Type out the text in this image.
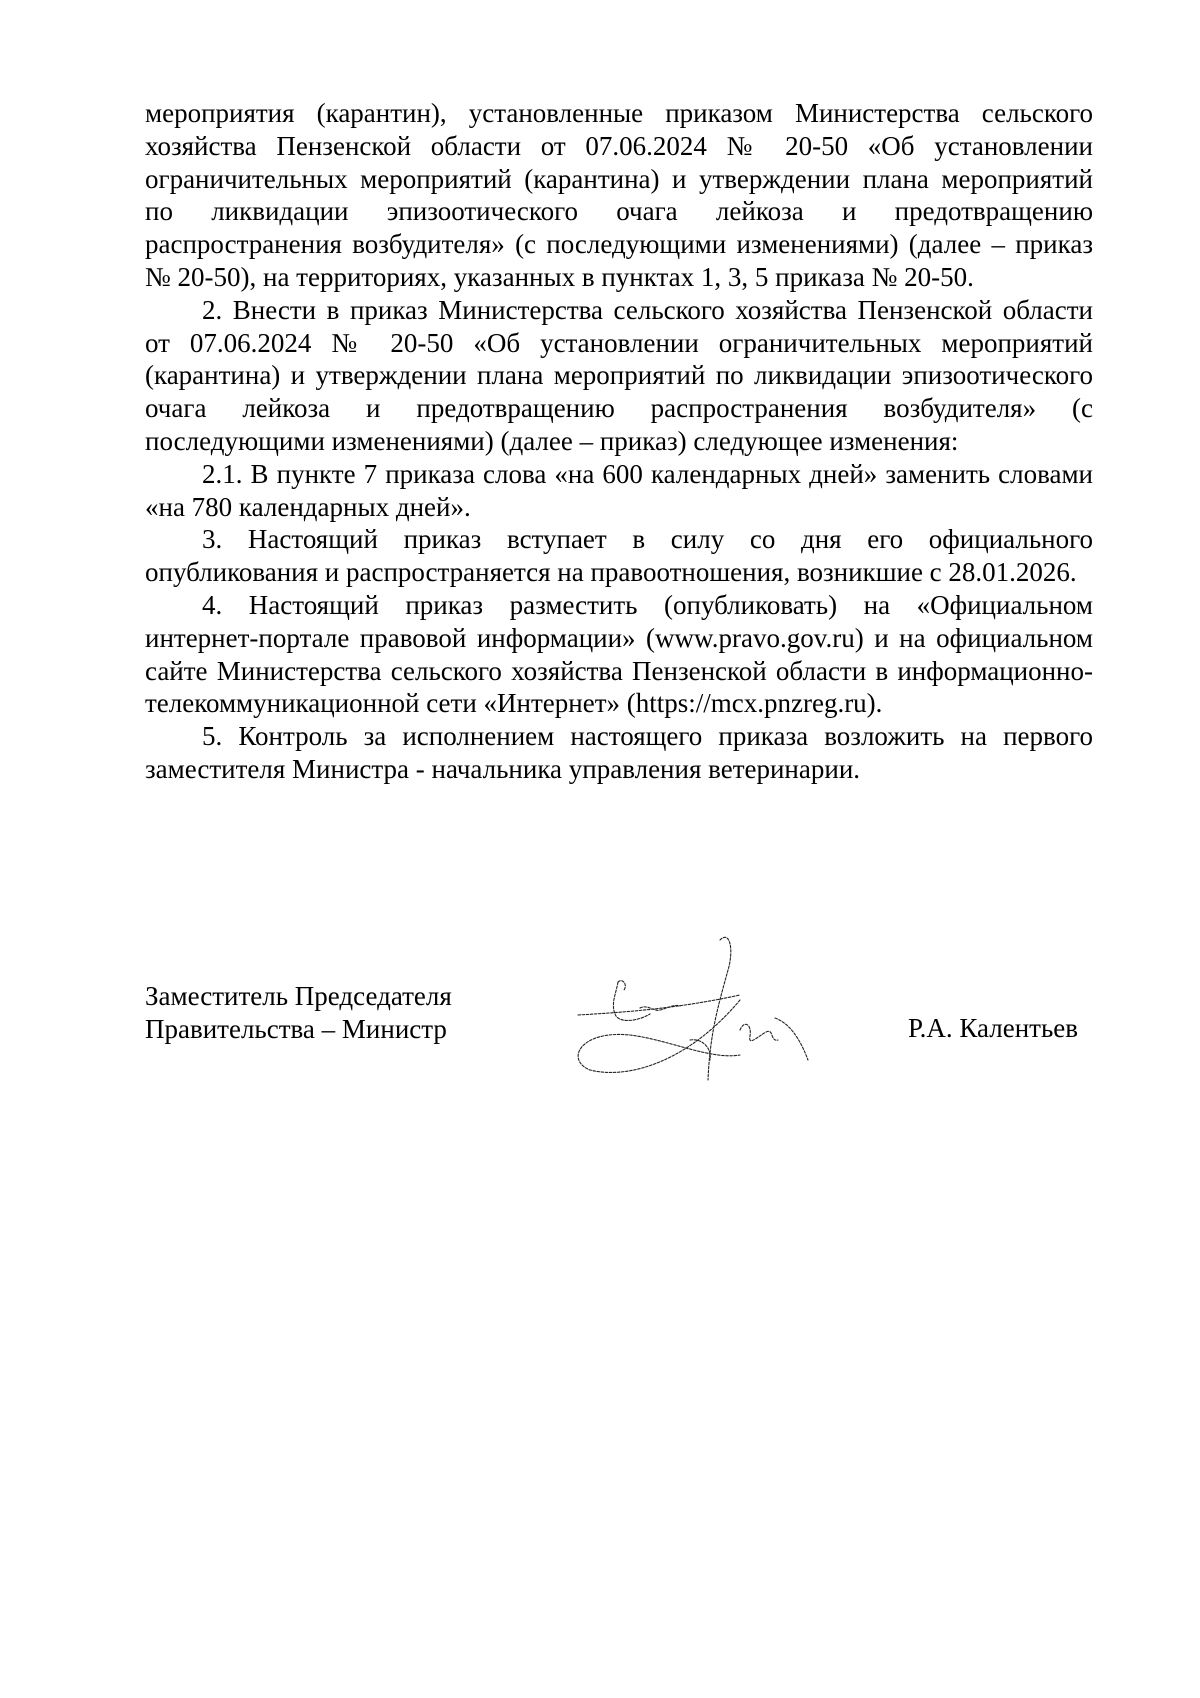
мероприятия (карантин), установленные приказом Министерства сельского хозяйства Пензенской области от 07.06.2024 № 20-50 «Об установлении ограничительных мероприятий (карантина) и утверждении плана мероприятий по ликвидации эпизоотического очага лейкоза и предотвращению распространения возбудителя» (с последующими изменениями) (далее – приказ № 20-50), на территориях, указанных в пунктах 1, 3, 5 приказа № 20-50.

2. Внести в приказ Министерства сельского хозяйства Пензенской области от 07.06.2024 № 20-50 «Об установлении ограничительных мероприятий (карантина) и утверждении плана мероприятий по ликвидации эпизоотического очага лейкоза и предотвращению распространения возбудителя» (с последующими изменениями) (далее – приказ) следующее изменения:

2.1. В пункте 7 приказа слова «на 600 календарных дней» заменить словами «на 780 календарных дней».

3. Настоящий приказ вступает в силу со дня его официального опубликования и распространяется на правоотношения, возникшие с 28.01.2026.

4. Настоящий приказ разместить (опубликовать) на «Официальном интернет-портале правовой информации» (www.pravo.gov.ru) и на официальном сайте Министерства сельского хозяйства Пензенской области в информационно-телекоммуникационной сети «Интернет» (https://mcx.pnzreg.ru).

5. Контроль за исполнением настоящего приказа возложить на первого заместителя Министра - начальника управления ветеринарии.

Заместитель Председателя
Правительства – Министр	Р.А. Калентьев
